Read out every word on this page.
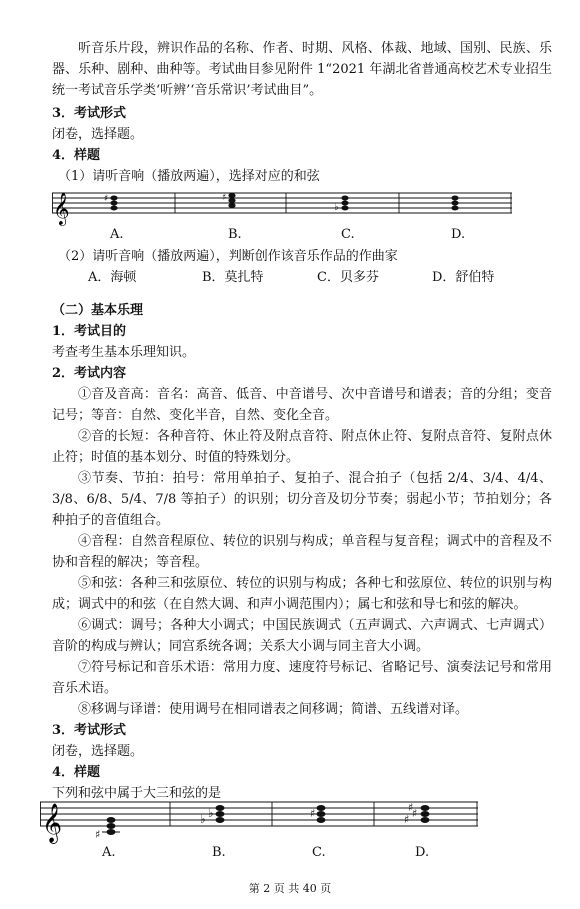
听音乐片段，辨识作品的名称、作者、时期、风格、体裁、地域、国别、民族、乐器、乐种、剧种、曲种等。考试曲目参见附件 1“2021 年湖北省普通高校艺术专业招生统一考试音乐学类‘听辨’‘音乐常识’考试曲目”。

3．考试形式

闭卷，选择题。

4．样题

（1）请听音响（播放两遍），选择对应的和弦

𝄞	♯	♯
♭
A.	B.	C.	D.

（2）请听音响（播放两遍），判断创作该音乐作品的作曲家

A．海顿	B．莫扎特	C．贝多芬	D．舒伯特

（二）基本乐理

1．考试目的

考查考生基本乐理知识。

2．考试内容

①音及音高：音名：高音、低音、中音谱号、次中音谱号和谱表；音的分组；变音记号；等音：自然、变化半音，自然、变化全音。

②音的长短：各种音符、休止符及附点音符、附点休止符、复附点音符、复附点休止符；时值的基本划分、时值的特殊划分。

③节奏、节拍：拍号：常用单拍子、复拍子、混合拍子（包括 2/4、3/4、4/4、3/8、6/8、5/4、7/8 等拍子）的识别；切分音及切分节奏；弱起小节；节拍划分；各种拍子的音值组合。

④音程：自然音程原位、转位的识别与构成；单音程与复音程；调式中的音程及不协和音程的解决；等音程。

⑤和弦：各种三和弦原位、转位的识别与构成；各种七和弦原位、转位的识别与构成；调式中的和弦（在自然大调、和声小调范围内）；属七和弦和导七和弦的解决。

⑥调式：调号；各种大小调式；中国民族调式（五声调式、六声调式、七声调式）音阶的构成与辨认；同宫系统各调；关系大小调与同主音大小调。

⑦符号标记和音乐术语：常用力度、速度符号标记、省略记号、演奏法记号和常用音乐术语。

⑧移调与译谱：使用调号在相同谱表之间移调；简谱、五线谱对译。

3．考试形式

闭卷，选择题。

4．样题

下列和弦中属于大三和弦的是

𝄞	♯
♭ ♭	♯	♯ ♯
♯
A.	B.	C.	D.
第 2 页 共 40 页
